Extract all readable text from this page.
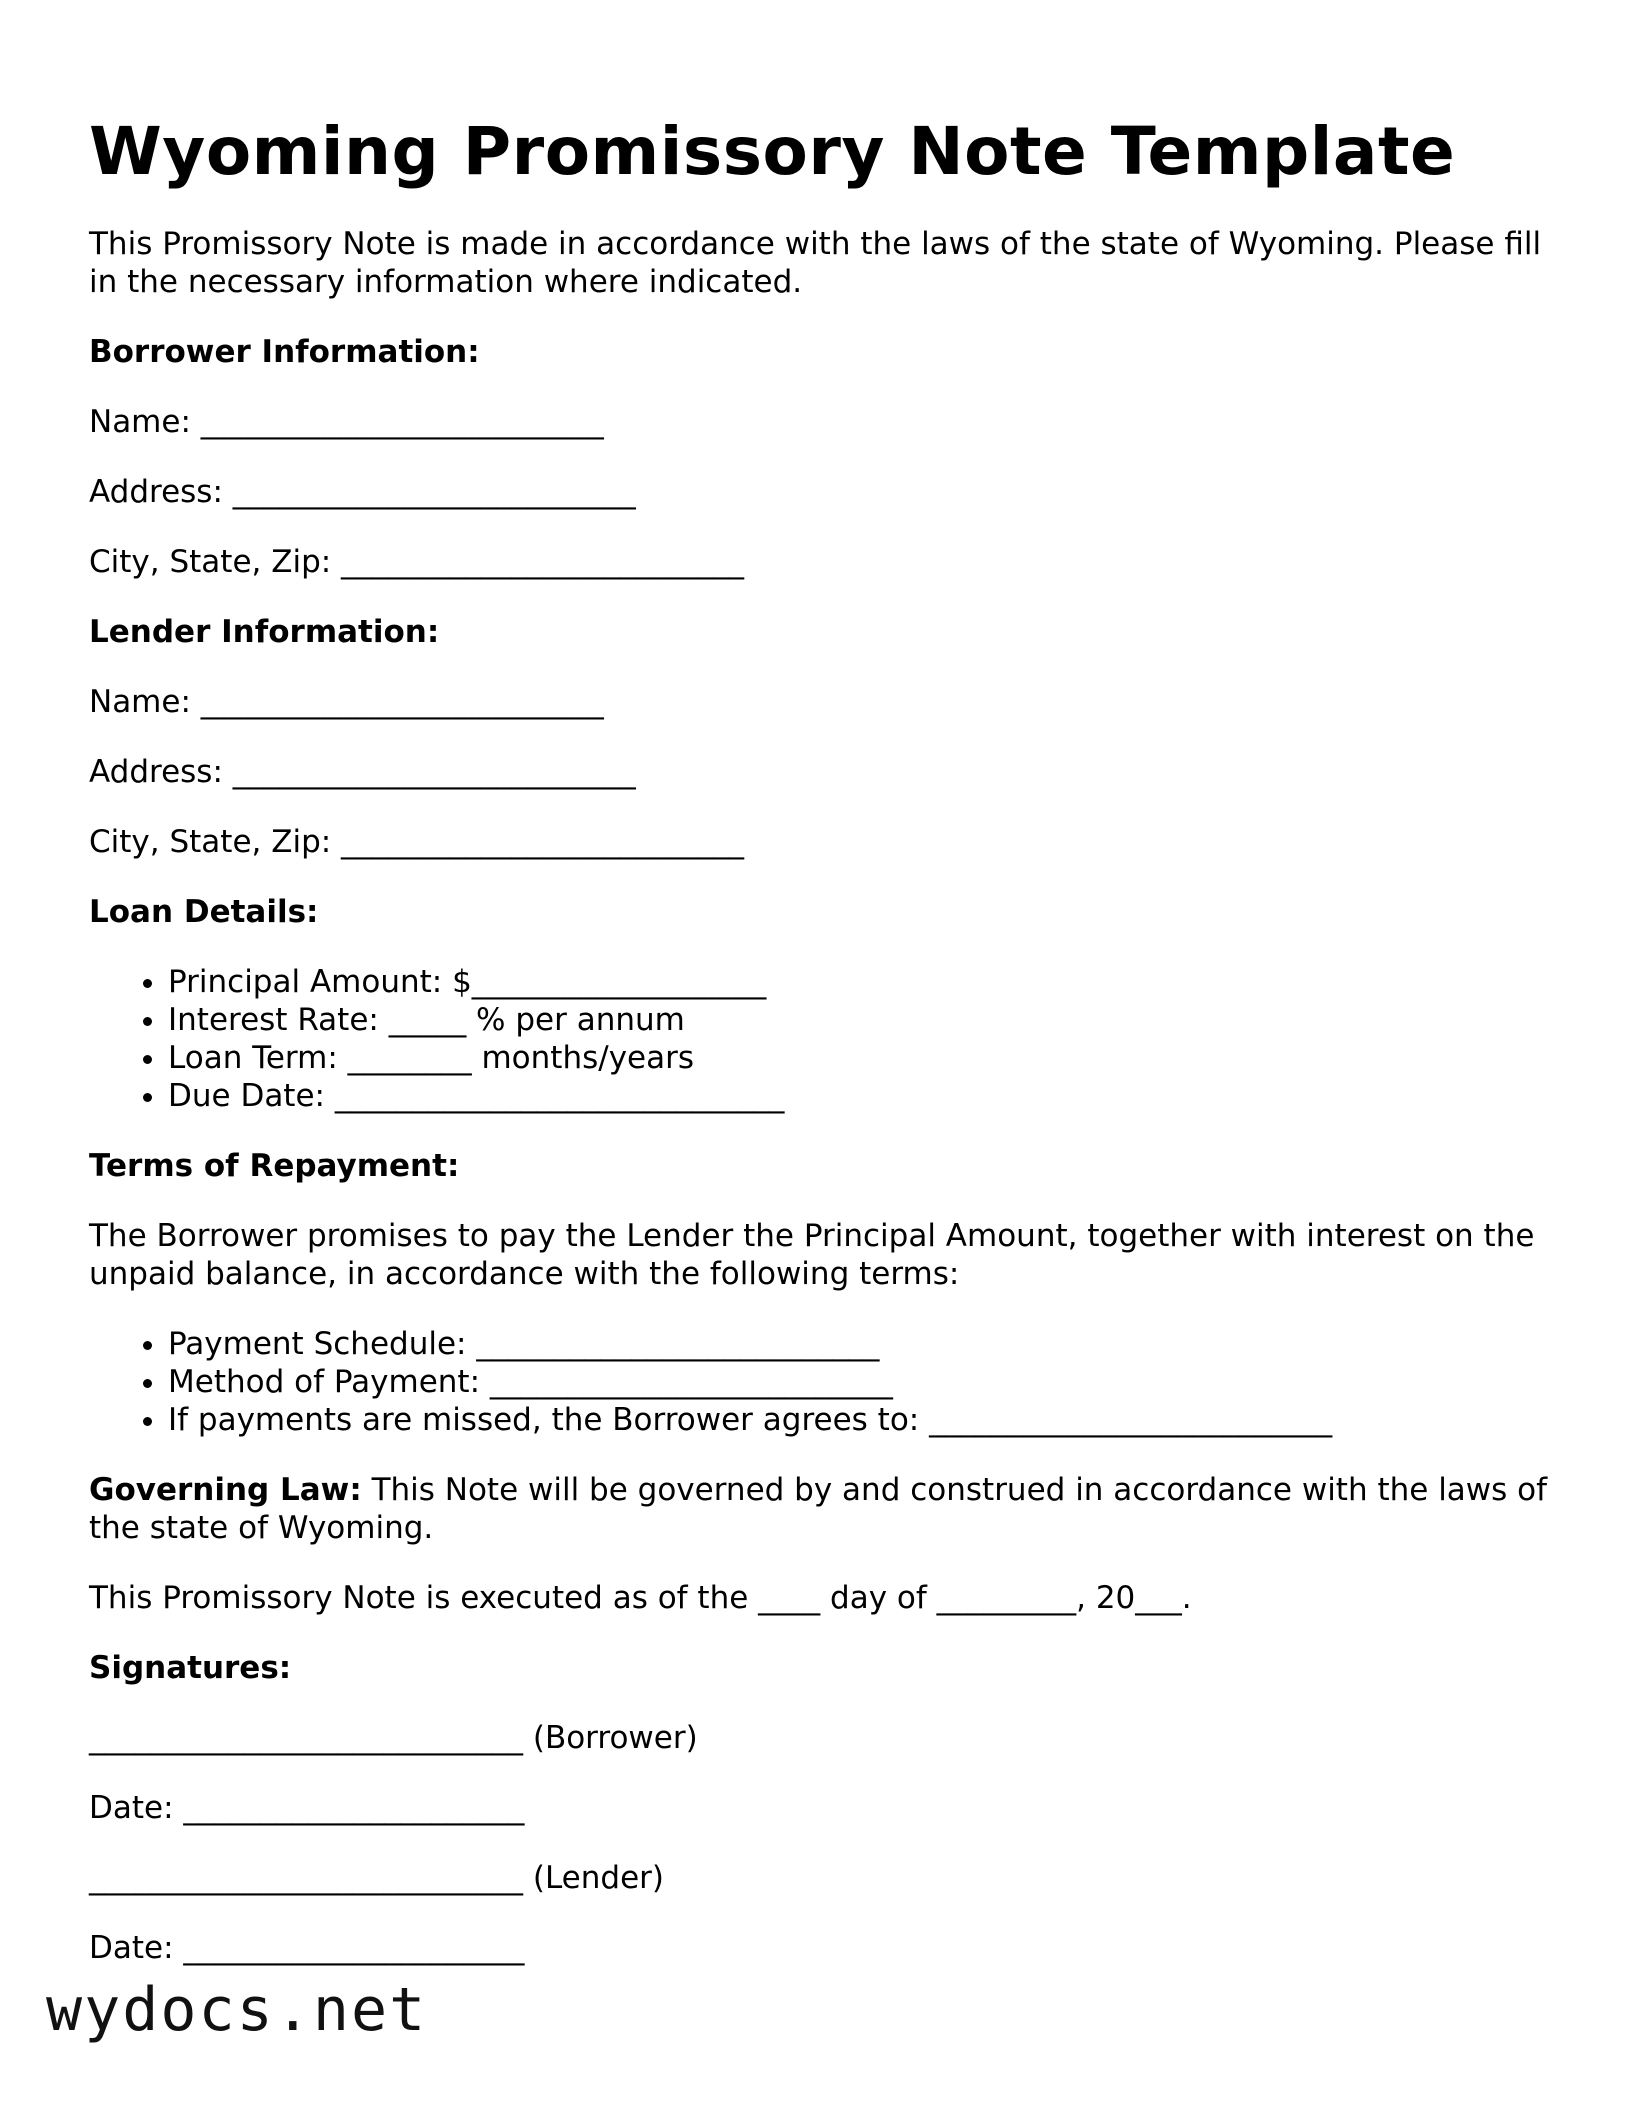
Wyoming Promissory Note Template

This Promissory Note is made in accordance with the laws of the state of Wyoming. Please fill in the necessary information where indicated.

Borrower Information:

Name: __________________________

Address: __________________________

City, State, Zip: __________________________

Lender Information:

Name: __________________________

Address: __________________________

City, State, Zip: __________________________

Loan Details:
• Principal Amount: $___________________
• Interest Rate: _____ % per annum
• Loan Term: ________ months/years
• Due Date: _____________________________
Terms of Repayment:

The Borrower promises to pay the Lender the Principal Amount, together with interest on the unpaid balance, in accordance with the following terms:

• Payment Schedule: __________________________
• Method of Payment: __________________________
• If payments are missed, the Borrower agrees to: __________________________

Governing Law: This Note will be governed by and construed in accordance with the laws of the state of Wyoming.

This Promissory Note is executed as of the ____ day of _________, 20___.

Signatures:

____________________________ (Borrower)

Date: ______________________

____________________________ (Lender)

Date: ______________________

wydocs.net
